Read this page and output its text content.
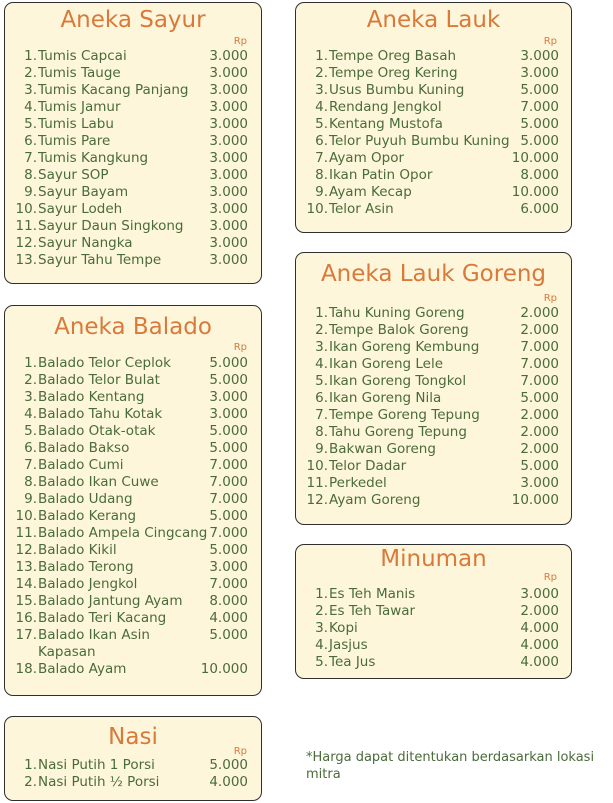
Aneka Sayur
Rp
1. Tumis Capcai	3.000
2. Tumis Tauge	3.000
3. Tumis Kacang Panjang 3.000
4. Tumis Jamur	3.000
5. Tumis Labu	3.000
6. Tumis Pare	3.000
7. Tumis Kangkung	3.000
8. Sayur SOP	3.000
9. Sayur Bayam	3.000
10. Sayur Lodeh	3.000
11. Sayur Daun Singkong 3.000
12. Sayur Nangka	3.000
13. Sayur Tahu Tempe	3.000
Aneka Balado
Rp
1. Balado Telor Ceplok	5.000
2. Balado Telor Bulat	5.000
3. Balado Kentang	3.000
4. Balado Tahu Kotak	3.000
5. Balado Otak-otak	5.000
6. Balado Bakso	5.000
7. Balado Cumi	7.000
8. Balado Ikan Cuwe	7.000
9. Balado Udang	7.000
10. Balado Kerang	5.000
11. Balado Ampela Cingcang 7.000
12. Balado Kikil	5.000
13. Balado Terong	3.000
14. Balado Jengkol	7.000
15. Balado Jantung Ayam 8.000
16. Balado Teri Kacang	4.000
17. Balado Ikan Asin Kapasan
5.000
18. Balado Ayam	10.000
Nasi
Rp
1. Nasi Putih 1 Porsi	5.000
2. Nasi Putih ½ Porsi	4.000
Aneka Lauk
Rp
1. Tempe Oreg Basah	3.000
2. Tempe Oreg Kering	3.000
3. Usus Bumbu Kuning	5.000
4. Rendang Jengkol	7.000
5. Kentang Mustofa	5.000
6. Telor Puyuh Bumbu Kuning 5.000
7. Ayam Opor	10.000
8. Ikan Patin Opor	8.000
9. Ayam Kecap	10.000
10. Telor Asin	6.000
Aneka Lauk Goreng
Rp
1. Tahu Kuning Goreng	2.000
2. Tempe Balok Goreng	2.000
3. Ikan Goreng Kembung	7.000
4. Ikan Goreng Lele	7.000
5. Ikan Goreng Tongkol	7.000
6. Ikan Goreng Nila	5.000
7. Tempe Goreng Tepung	2.000
8. Tahu Goreng Tepung	2.000
9. Bakwan Goreng	2.000
10. Telor Dadar	5.000
11. Perkedel	3.000
12. Ayam Goreng	10.000
Minuman
Rp
1. Es Teh Manis	3.000
2. Es Teh Tawar	2.000
3. Kopi	4.000
4. Jasjus	4.000
5. Tea Jus	4.000
*Harga dapat ditentukan berdasarkan lokasi mitra
